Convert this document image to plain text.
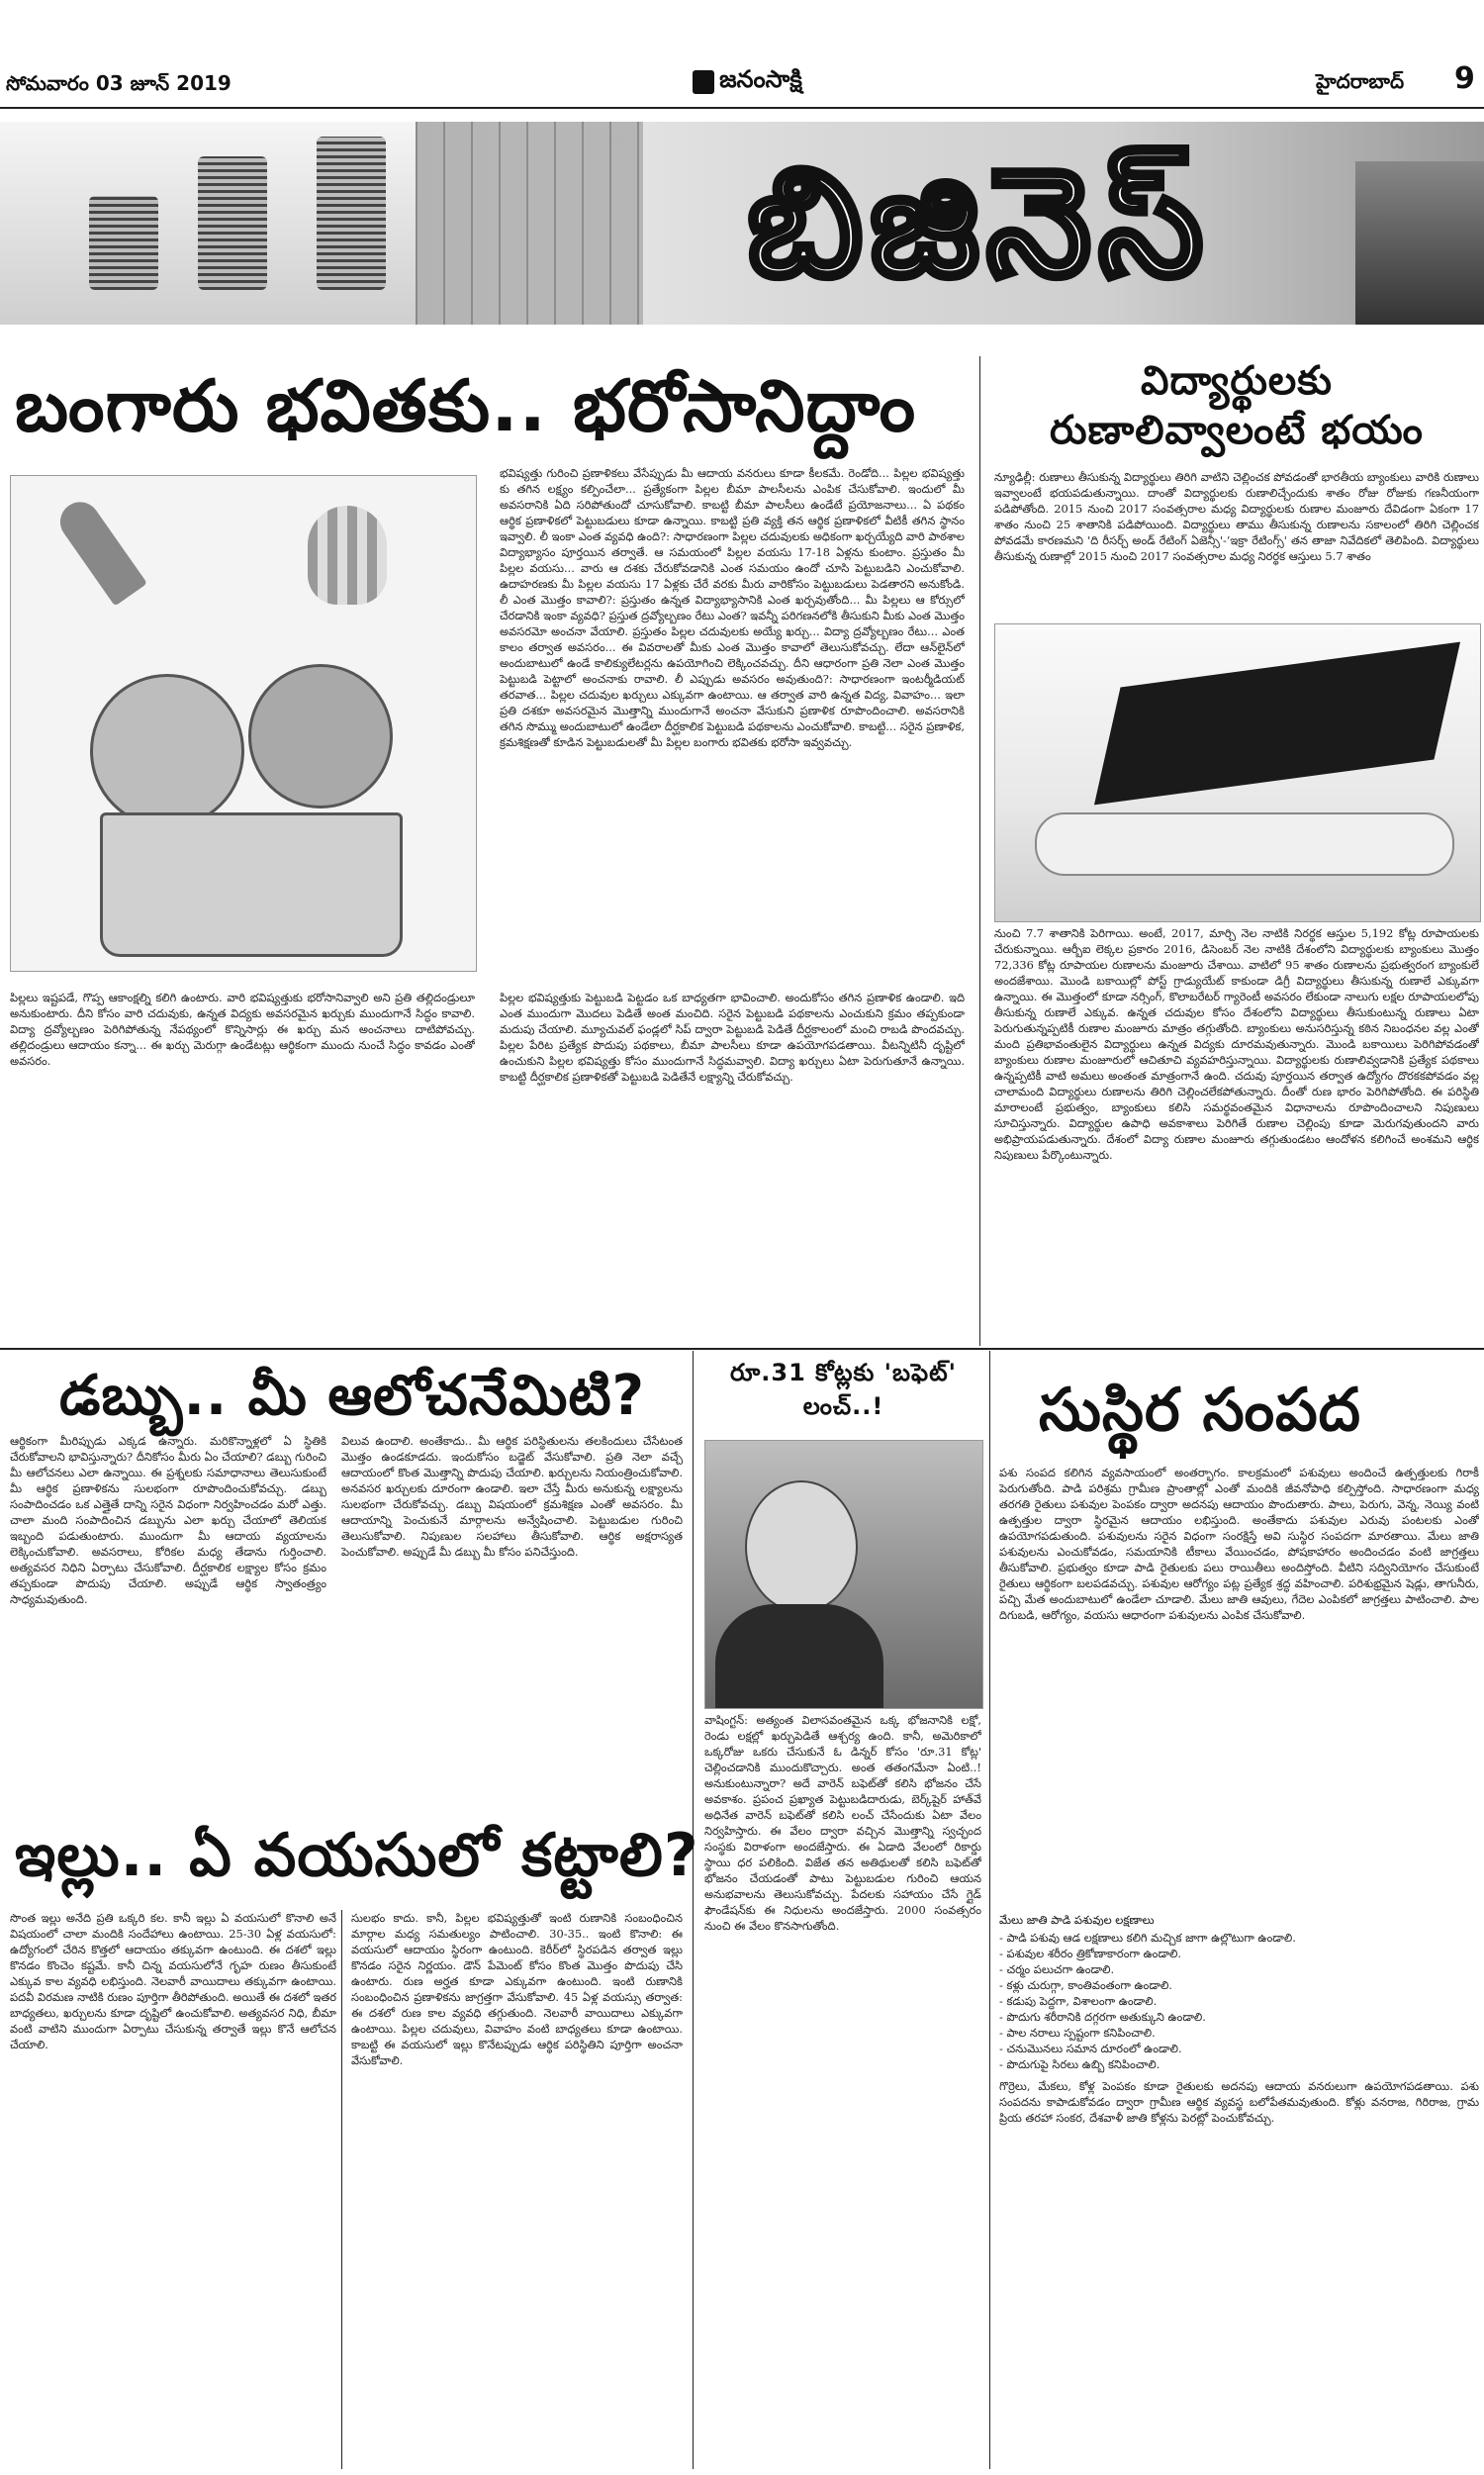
సోమవారం 03 జూన్ 2019	జనంసాక్షి	హైదరాబాద్ 9
బిజినెస్
బంగారు భవితకు.. భరోసానిద్దాం
భవిష్యత్తు గురించి ప్రణాళికలు వేసేప్పుడు మీ ఆదాయ వనరులు కూడా కీలకమే. రెండోది... పిల్లల భవిష్యత్తు కు తగిన లక్ష్యం కల్పించేలా... ప్రత్యేకంగా పిల్లల బీమా పాలసీలను ఎంపిక చేసుకోవాలి. ఇందులో మీ అవసరానికి ఏది సరిపోతుందో చూసుకోవాలి. కాబట్టి బీమా పాలసీలు ఉండేటే ప్రయోజనాలు... ఏ పథకం ఆర్థిక ప్రణాళికలో పెట్టుబడులు కూడా ఉన్నాయి. కాబట్టి ప్రతి వ్యక్తి తన ఆర్థిక ప్రణాళికలో వీటికీ తగిన స్థానం ఇవ్వాలి. లీ ఇంకా ఎంత వ్యవధి ఉంది?: సాధారణంగా పిల్లల చదువులకు అధికంగా ఖర్చయ్యేది వారి పాఠశాల విద్యాభ్యాసం పూర్తయిన తర్వాతే. ఆ సమయంలో పిల్లల వయసు 17-18 ఏళ్లను కుంటాం. ప్రస్తుతం మీ పిల్లల వయసు... వారు ఆ దశకు చేరుకోవడానికి ఎంత సమయం ఉందో చూసి పెట్టుబడిని ఎంచుకోవాలి. ఉదాహరణకు మీ పిల్లల వయసు 17 ఏళ్లకు చేరే వరకు మీరు వారికోసం పెట్టుబడులు పెడతారని అనుకోండి. లీ ఎంత మొత్తం కావాలి?: ప్రస్తుతం ఉన్నత విద్యాభ్యాసానికి ఎంత ఖర్చవుతోంది... మీ పిల్లలు ఆ కోర్సులో చేరడానికి ఇంకా వ్యవధి? ప్రస్తుత ద్రవ్యోల్బణం రేటు ఎంత? ఇవన్నీ పరిగణనలోకి తీసుకుని మీకు ఎంత మొత్తం అవసరమో అంచనా వేయాలి. ప్రస్తుతం పిల్లల చదువులకు అయ్యే ఖర్చు... విద్యా ద్రవ్యోల్బణం రేటు... ఎంత కాలం తర్వాత అవసరం... ఈ వివరాలతో మీకు ఎంత మొత్తం కావాలో తెలుసుకోవచ్చు. లేదా ఆన్‌లైన్‌లో అందుబాటులో ఉండే కాలిక్యులేటర్లను ఉపయోగించి లెక్కించవచ్చు. దీని ఆధారంగా ప్రతి నెలా ఎంత మొత్తం పెట్టుబడి పెట్టాలో అంచనాకు రావాలి. లీ ఎప్పుడు అవసరం అవుతుంది?: సాధారణంగా ఇంటర్మీడియట్ తరవాత... పిల్లల చదువుల ఖర్చులు ఎక్కువగా ఉంటాయి. ఆ తర్వాత వారి ఉన్నత విద్య, వివాహం... ఇలా ప్రతి దశకూ అవసరమైన మొత్తాన్ని ముందుగానే అంచనా వేసుకుని ప్రణాళిక రూపొందించాలి. అవసరానికి తగిన సొమ్ము అందుబాటులో ఉండేలా దీర్ఘకాలిక పెట్టుబడి పథకాలను ఎంచుకోవాలి. కాబట్టి... సరైన ప్రణాళిక, క్రమశిక్షణతో కూడిన పెట్టుబడులతో మీ పిల్లల బంగారు భవితకు భరోసా ఇవ్వవచ్చు.
పిల్లలు ఇష్టపడే, గొప్ప ఆకాంక్షల్ని కలిగి ఉంటారు. వారి భవిష్యత్తుకు భరోసానివ్వాలి అని ప్రతి తల్లిదండ్రులూ అనుకుంటారు. దీని కోసం వారి చదువుకు, ఉన్నత విద్యకు అవసరమైన ఖర్చుకు ముందుగానే సిద్ధం కావాలి. విద్యా ద్రవ్యోల్బణం పెరిగిపోతున్న నేపథ్యంలో కొన్నిసార్లు ఈ ఖర్చు మన అంచనాలు దాటిపోవచ్చు. తల్లిదండ్రులు ఆదాయం కన్నా... ఈ ఖర్చు మెరుగ్గా ఉండేటట్లు ఆర్థికంగా ముందు నుంచే సిద్ధం కావడం ఎంతో అవసరం.
పిల్లల భవిష్యత్తుకు పెట్టుబడి పెట్టడం ఒక బాధ్యతగా భావించాలి. అందుకోసం తగిన ప్రణాళిక ఉండాలి. ఇది ఎంత ముందుగా మొదలు పెడితే అంత మంచిది. సరైన పెట్టుబడి పథకాలను ఎంచుకుని క్రమం తప్పకుండా మదుపు చేయాలి. మ్యూచువల్ ఫండ్లలో సిప్ ద్వారా పెట్టుబడి పెడితే దీర్ఘకాలంలో మంచి రాబడి పొందవచ్చు. పిల్లల పేరిట ప్రత్యేక పొదుపు పథకాలు, బీమా పాలసీలు కూడా ఉపయోగపడతాయి. వీటన్నిటినీ దృష్టిలో ఉంచుకుని పిల్లల భవిష్యత్తు కోసం ముందుగానే సిద్ధమవ్వాలి. విద్యా ఖర్చులు ఏటా పెరుగుతూనే ఉన్నాయి. కాబట్టి దీర్ఘకాలిక ప్రణాళికతో పెట్టుబడి పెడితేనే లక్ష్యాన్ని చేరుకోవచ్చు.
విద్యార్థులకు
రుణాలివ్వాలంటే భయం
న్యూఢిల్లీ: రుణాలు తీసుకున్న విద్యార్థులు తిరిగి వాటిని చెల్లించక పోవడంతో భారతీయ బ్యాంకులు వారికి రుణాలు ఇవ్వాలంటే భయపడుతున్నాయి. దాంతో విద్యార్థులకు రుణాలిచ్చేందుకు శాతం రోజు రోజుకు గణనీయంగా పడిపోతోంది. 2015 నుంచి 2017 సంవత్సరాల మధ్య విద్యార్థులకు రుణాల మంజూరు దేవిడంగా ఏకంగా 17 శాతం నుంచి 25 శాతానికి పడిపోయింది. విద్యార్థులు తాము తీసుకున్న రుణాలను సకాలంలో తిరిగి చెల్లించక పోవడమే కారణమని 'ది రీసర్చ్ అండ్ రేటింగ్ ఏజెన్సీ'-‘ఇక్రా రేటింగ్స్' తన తాజా నివేదికలో తెలిపింది. విద్యార్థులు తీసుకున్న రుణాల్లో 2015 నుంచి 2017 సంవత్సరాల మధ్య నిరర్థక ఆస్తులు 5.7 శాతం
నుంచి 7.7 శాతానికి పెరిగాయి. అంటే, 2017, మార్చి నెల నాటికి నిరర్థక ఆస్తుల 5,192 కోట్ల రూపాయలకు చేరుకున్నాయి. ఆర్బీఐ లెక్కల ప్రకారం 2016, డిసెంబర్ నెల నాటికి దేశంలోని విద్యార్థులకు బ్యాంకులు మొత్తం 72,336 కోట్ల రూపాయల రుణాలను మంజూరు చేశాయి. వాటిలో 95 శాతం రుణాలను ప్రభుత్వరంగ బ్యాంకులే అందజేశాయి. మొండి బకాయిల్లో పోస్ట్ గ్రాడ్యుయేట్ కాకుండా డిగ్రీ విద్యార్థులు తీసుకున్న రుణాలే ఎక్కువగా ఉన్నాయి. ఈ మొత్తంలో కూడా నర్సింగ్, కొలాబరేటర్ గ్యారెంటీ అవసరం లేకుండా నాలుగు లక్షల రూపాయలలోపు తీసుకున్న రుణాలే ఎక్కువ. ఉన్నత చదువుల కోసం దేశంలోని విద్యార్థులు తీసుకుంటున్న రుణాలు ఏటా పెరుగుతున్నప్పటికీ రుణాల మంజూరు మాత్రం తగ్గుతోంది. బ్యాంకులు అనుసరిస్తున్న కఠిన నిబంధనల వల్ల ఎంతో మంది ప్రతిభావంతులైన విద్యార్థులు ఉన్నత విద్యకు దూరమవుతున్నారు. మొండి బకాయిలు పెరిగిపోవడంతో బ్యాంకులు రుణాల మంజూరులో ఆచితూచి వ్యవహరిస్తున్నాయి. విద్యార్థులకు రుణాలివ్వడానికి ప్రత్యేక పథకాలు ఉన్నప్పటికీ వాటి అమలు అంతంత మాత్రంగానే ఉంది. చదువు పూర్తయిన తర్వాత ఉద్యోగం దొరకకపోవడం వల్ల చాలామంది విద్యార్థులు రుణాలను తిరిగి చెల్లించలేకపోతున్నారు. దీంతో రుణ భారం పెరిగిపోతోంది. ఈ పరిస్థితి మారాలంటే ప్రభుత్వం, బ్యాంకులు కలిసి సమర్థవంతమైన విధానాలను రూపొందించాలని నిపుణులు సూచిస్తున్నారు. విద్యార్థుల ఉపాధి అవకాశాలు పెరిగితే రుణాల చెల్లింపు కూడా మెరుగవుతుందని వారు అభిప్రాయపడుతున్నారు. దేశంలో విద్యా రుణాల మంజూరు తగ్గుతుండటం ఆందోళన కలిగించే అంశమని ఆర్థిక నిపుణులు పేర్కొంటున్నారు.
డబ్బు.. మీ ఆలోచనేమిటి?
ఆర్థికంగా మీరిప్పుడు ఎక్కడ ఉన్నారు. మరికొన్నాళ్లలో ఏ స్థితికి చేరుకోవాలని భావిస్తున్నారు? దీనికోసం మీరు ఏం చేయాలి? డబ్బు గురించి మీ ఆలోచనలు ఎలా ఉన్నాయి. ఈ ప్రశ్నలకు సమాధానాలు తెలుసుకుంటే మీ ఆర్థిక ప్రణాళికను సులభంగా రూపొందించుకోవచ్చు. డబ్బు సంపాదించడం ఒక ఎత్తైతే దాన్ని సరైన విధంగా నిర్వహించడం మరో ఎత్తు. చాలా మంది సంపాదించిన డబ్బును ఎలా ఖర్చు చేయాలో తెలియక ఇబ్బంది పడుతుంటారు. ముందుగా మీ ఆదాయ వ్యయాలను లెక్కించుకోవాలి. అవసరాలు, కోరికల మధ్య తేడాను గుర్తించాలి. అత్యవసర నిధిని ఏర్పాటు చేసుకోవాలి. దీర్ఘకాలిక లక్ష్యాల కోసం క్రమం తప్పకుండా పొదుపు చేయాలి. అప్పుడే ఆర్థిక స్వాతంత్ర్యం సాధ్యమవుతుంది.
విలువ ఉందాలి. అంతేకాదు.. మీ ఆర్థిక పరిస్థితులను తలకిందులు చేసేటంత మొత్తం ఉండకూడదు. ఇందుకోసం బడ్జెట్ వేసుకోవాలి. ప్రతి నెలా వచ్చే ఆదాయంలో కొంత మొత్తాన్ని పొదుపు చేయాలి. ఖర్చులను నియంత్రించుకోవాలి. అనవసర ఖర్చులకు దూరంగా ఉండాలి. ఇలా చేస్తే మీరు అనుకున్న లక్ష్యాలను సులభంగా చేరుకోవచ్చు. డబ్బు విషయంలో క్రమశిక్షణ ఎంతో అవసరం. మీ ఆదాయాన్ని పెంచుకునే మార్గాలను అన్వేషించాలి. పెట్టుబడుల గురించి తెలుసుకోవాలి. నిపుణుల సలహాలు తీసుకోవాలి. ఆర్థిక అక్షరాస్యత పెంచుకోవాలి. అప్పుడే మీ డబ్బు మీ కోసం పనిచేస్తుంది.
రూ.31 కోట్లకు 'బఫెట్'
లంచ్..!
వాషింగ్టన్: అత్యంత విలాసవంతమైన ఒక్క భోజనానికి లక్షో, రెండు లక్షల్లో ఖర్చుపెడితే ఆశ్చర్య ఉంది. కానీ, అమెరికాలో ఒక్కరోజు ఒకరు చేసుకునే ఓ డిన్నర్ కోసం 'రూ.31 కోట్ల' చెల్లించడానికి ముందుకొచ్చారు. అంత తతంగమేనా ఏంటి..! అనుకుంటున్నారా? అదే వారెన్ బఫెట్‌తో కలిసి భోజనం చేసే అవకాశం. ప్రపంచ ప్రఖ్యాత పెట్టుబడిదారుడు, బెర్క్‌షైర్ హాత్‌వే అధినేత వారెన్ బఫెట్‌తో కలిసి లంచ్ చేసేందుకు ఏటా వేలం నిర్వహిస్తారు. ఈ వేలం ద్వారా వచ్చిన మొత్తాన్ని స్వచ్ఛంద సంస్థకు విరాళంగా అందజేస్తారు. ఈ ఏడాది వేలంలో రికార్డు స్థాయి ధర పలికింది. విజేత తన అతిథులతో కలిసి బఫెట్‌తో భోజనం చేయడంతో పాటు పెట్టుబడుల గురించి ఆయన అనుభవాలను తెలుసుకోవచ్చు. పేదలకు సహాయం చేసే గ్లైడ్ ఫౌండేషన్‌కు ఈ నిధులను అందజేస్తారు. 2000 సంవత్సరం నుంచి ఈ వేలం కొనసాగుతోంది.
సుస్థిర సంపద
పశు సంపద కలిగిన వ్యవసాయంలో అంతర్భాగం. కాలక్రమంలో పశువులు అందించే ఉత్పత్తులకు గిరాకీ పెరుగుతోంది. పాడి పరిశ్రమ గ్రామీణ ప్రాంతాల్లో ఎంతో మందికి జీవనోపాధి కల్పిస్తోంది. సాధారణంగా మధ్య తరగతి రైతులు పశువుల పెంపకం ద్వారా అదనపు ఆదాయం పొందుతారు. పాలు, పెరుగు, వెన్న, నెయ్యి వంటి ఉత్పత్తుల ద్వారా స్థిరమైన ఆదాయం లభిస్తుంది. అంతేకాదు పశువుల ఎరువు పంటలకు ఎంతో ఉపయోగపడుతుంది. పశువులను సరైన విధంగా సంరక్షిస్తే అవి సుస్థిర సంపదగా మారతాయి. మేలు జాతి పశువులను ఎంచుకోవడం, సమయానికి టీకాలు వేయించడం, పోషకాహారం అందించడం వంటి జాగ్రత్తలు తీసుకోవాలి. ప్రభుత్వం కూడా పాడి రైతులకు పలు రాయితీలు అందిస్తోంది. వీటిని సద్వినియోగం చేసుకుంటే రైతులు ఆర్థికంగా బలపడవచ్చు. పశువుల ఆరోగ్యం పట్ల ప్రత్యేక శ్రద్ధ వహించాలి. పరిశుభ్రమైన షెడ్లు, తాగునీరు, పచ్చి మేత అందుబాటులో ఉండేలా చూడాలి. మేలు జాతి ఆవులు, గేదెల ఎంపికలో జాగ్రత్తలు పాటించాలి. పాల దిగుబడి, ఆరోగ్యం, వయసు ఆధారంగా పశువులను ఎంపిక చేసుకోవాలి.
మేలు జాతి పాడి పశువుల లక్షణాలు
- పాడి పశువు ఆడ లక్షణాలు కలిగి మచ్చిక జాగా ఉల్లొటుగా ఉండాలి.
- పశువుల శరీరం త్రికోణాకారంగా ఉండాలి.
- చర్మం పలుచగా ఉండాలి.
- కళ్లు చురుగ్గా, కాంతివంతంగా ఉండాలి.
- కడుపు పెద్దగా, విశాలంగా ఉండాలి.
- పొదుగు శరీరానికి దగ్గరగా అతుక్కుని ఉండాలి.
- పాల నరాలు స్పష్టంగా కనిపించాలి.
- చనుమొనలు సమాన దూరంలో ఉండాలి.
- పొదుగుపై సిరలు ఉబ్బి కనిపించాలి.
గొర్రెలు, మేకలు, కోళ్ల పెంపకం కూడా రైతులకు అదనపు ఆదాయ వనరులుగా ఉపయోగపడతాయి. పశు సంపదను కాపాడుకోవడం ద్వారా గ్రామీణ ఆర్థిక వ్యవస్థ బలోపేతమవుతుంది. కోళ్లు వనరాజ, గిరిరాజ, గ్రామ ప్రియ తరహా సంకర, దేశవాళీ జాతి కోళ్లను పెరట్లో పెంచుకోవచ్చు.
ఇల్లు.. ఏ వయసులో కట్టాలి?
సొంత ఇల్లు అనేది ప్రతి ఒక్కరి కల. కానీ ఇల్లు ఏ వయసులో కొనాలి అనే విషయంలో చాలా మందికి సందేహాలు ఉంటాయి. 25-30 ఏళ్ల వయసులో: ఉద్యోగంలో చేరిన కొత్తలో ఆదాయం తక్కువగా ఉంటుంది. ఈ దశలో ఇల్లు కొనడం కొంచెం కష్టమే. కానీ చిన్న వయసులోనే గృహ రుణం తీసుకుంటే ఎక్కువ కాల వ్యవధి లభిస్తుంది. నెలవారీ వాయిదాలు తక్కువగా ఉంటాయి. పదవీ విరమణ నాటికి రుణం పూర్తిగా తీరిపోతుంది. అయితే ఈ దశలో ఇతర బాధ్యతలు, ఖర్చులను కూడా దృష్టిలో ఉంచుకోవాలి. అత్యవసర నిధి, బీమా వంటి వాటిని ముందుగా ఏర్పాటు చేసుకున్న తర్వాతే ఇల్లు కొనే ఆలోచన చేయాలి.
సులభం కాదు. కానీ, పిల్లల భవిష్యత్తుతో ఇంటి రుణానికి సంబంధించిన మార్గాల మధ్య సమతుల్యం పాటించాలి. 30-35.. ఇంటి కొనాలి: ఈ వయసులో ఆదాయం స్థిరంగా ఉంటుంది. కెరీర్‌లో స్థిరపడిన తర్వాత ఇల్లు కొనడం సరైన నిర్ణయం. డౌన్ పేమెంట్ కోసం కొంత మొత్తం పొదుపు చేసి ఉంటారు. రుణ అర్హత కూడా ఎక్కువగా ఉంటుంది. ఇంటి రుణానికి సంబంధించిన ప్రణాళికను జాగ్రత్తగా వేసుకోవాలి. 45 ఏళ్ల వయస్సు తర్వాత: ఈ దశలో రుణ కాల వ్యవధి తగ్గుతుంది. నెలవారీ వాయిదాలు ఎక్కువగా ఉంటాయి. పిల్లల చదువులు, వివాహం వంటి బాధ్యతలు కూడా ఉంటాయి. కాబట్టి ఈ వయసులో ఇల్లు కొనేటప్పుడు ఆర్థిక పరిస్థితిని పూర్తిగా అంచనా వేసుకోవాలి.
